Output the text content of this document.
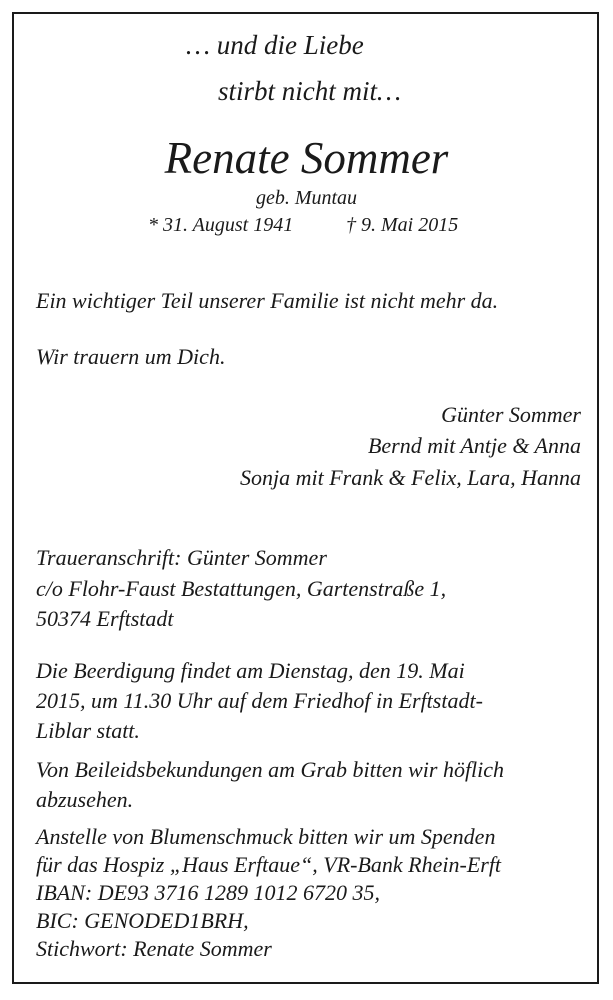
… und die Liebe
stirbt nicht mit…
Renate Sommer
geb. Muntau
* 31. August 1941	† 9. Mai 2015
Ein wichtiger Teil unserer Familie ist nicht mehr da.
Wir trauern um Dich.
Günter Sommer
Bernd mit Antje & Anna
Sonja mit Frank & Felix, Lara, Hanna
Traueranschrift: Günter Sommer
c/o Flohr-Faust Bestattungen, Gartenstraße 1,
50374 Erftstadt
Die Beerdigung findet am Dienstag, den 19. Mai
2015, um 11.30 Uhr auf dem Friedhof in Erftstadt-
Liblar statt.
Von Beileidsbekundungen am Grab bitten wir höflich
abzusehen.
Anstelle von Blumenschmuck bitten wir um Spenden
für das Hospiz „Haus Erftaue“, VR-Bank Rhein-Erft
IBAN: DE93 3716 1289 1012 6720 35,
BIC: GENODED1BRH,
Stichwort: Renate Sommer
